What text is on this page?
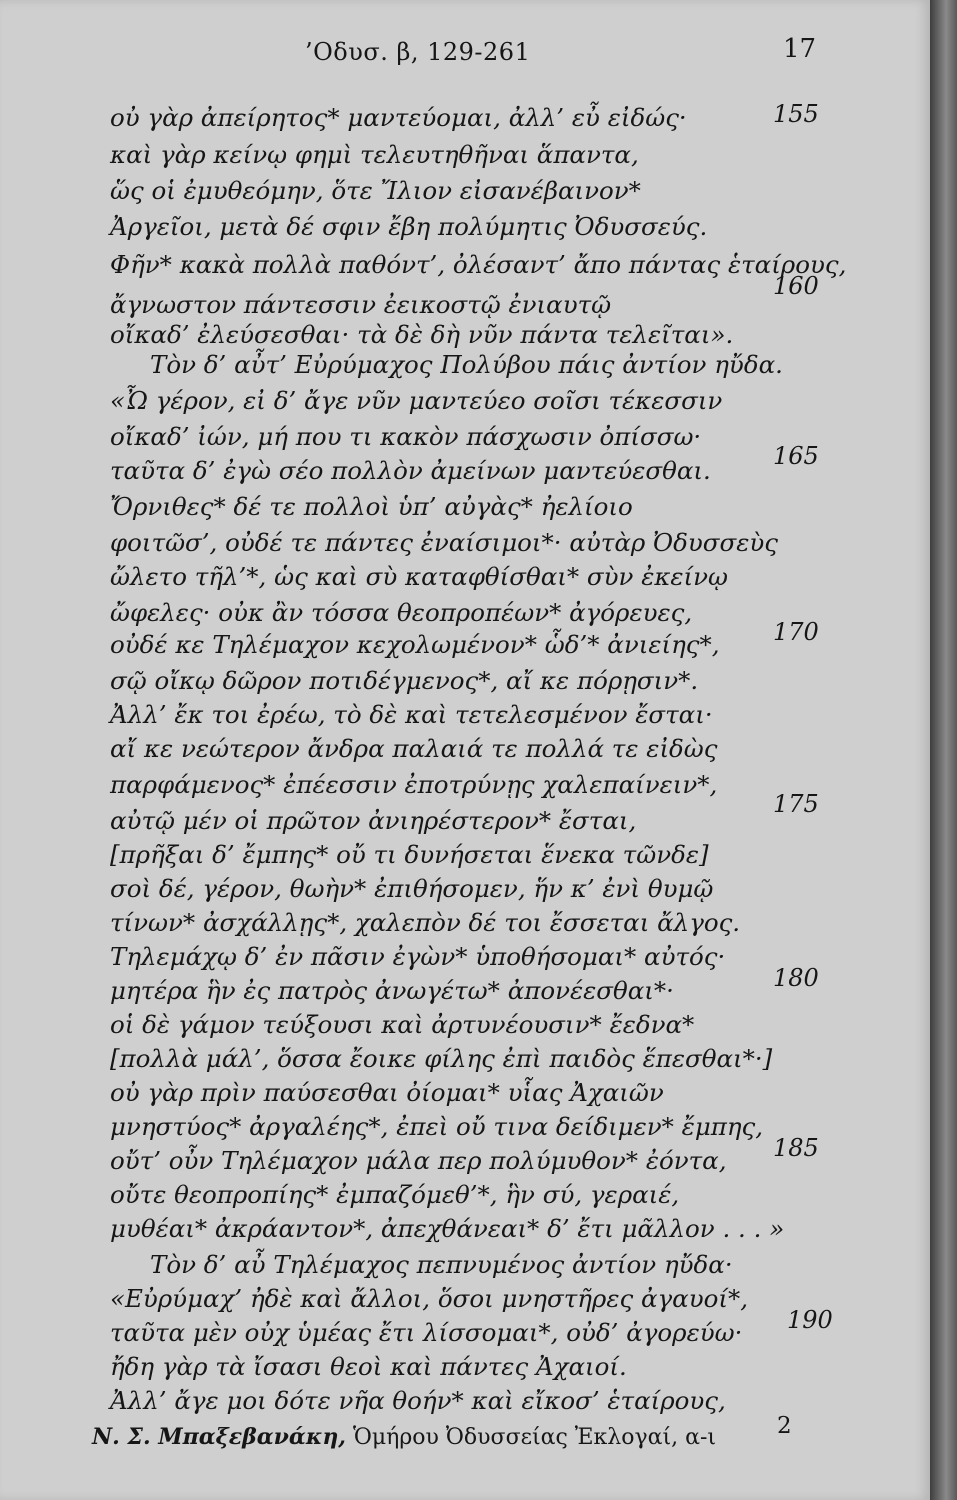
’Οδυσ. β, 129-261	17
οὐ γὰρ ἀπείρητος* μαντεύομαι, ἀλλ’ εὖ εἰδώς·
καὶ γὰρ κείνῳ φημὶ τελευτηθῆναι ἅπαντα,
ὥς οἱ ἐμυθεόμην, ὅτε Ἴλιον εἰσανέβαινον*
Ἀργεῖοι, μετὰ δέ σφιν ἔβη πολύμητις Ὀδυσσεύς.
Φῆν* κακὰ πολλὰ παθόντ’, ὀλέσαντ’ ἄπο πάντας ἑταίρους,
ἄγνωστον πάντεσσιν ἐεικοστῷ ἐνιαυτῷ
οἴκαδ’ ἐλεύσεσθαι· τὰ δὲ δὴ νῦν πάντα τελεῖται».
Τὸν δ’ αὖτ’ Εὐρύμαχος Πολύβου πάις ἀντίον ηὔδα.
«Ὦ γέρον, εἰ δ’ ἄγε νῦν μαντεύεο σοῖσι τέκεσσιν
οἴκαδ’ ἰών, μή που τι κακὸν πάσχωσιν ὀπίσσω·
ταῦτα δ’ ἐγὼ σέο πολλὸν ἀμείνων μαντεύεσθαι.
Ὄρνιθες* δέ τε πολλοὶ ὑπ’ αὐγὰς* ἠελίοιο
φοιτῶσ’, οὐδέ τε πάντες ἐναίσιμοι*· αὐτὰρ Ὀδυσσεὺς
ὤλετο τῆλ’*, ὡς καὶ σὺ καταφθίσθαι* σὺν ἐκείνῳ
ὤφελες· οὐκ ἂν τόσσα θεοπροπέων* ἀγόρευες,
οὐδέ κε Τηλέμαχον κεχολωμένον* ὧδ’* ἀνιείης*,
σῷ οἴκῳ δῶρον ποτιδέγμενος*, αἴ κε πόρῃσιν*.
Ἀλλ’ ἔκ τοι ἐρέω, τὸ δὲ καὶ τετελεσμένον ἔσται·
αἴ κε νεώτερον ἄνδρα παλαιά τε πολλά τε εἰδὼς
παρφάμενος* ἐπέεσσιν ἐποτρύνῃς χαλεπαίνειν*,
αὐτῷ μέν οἱ πρῶτον ἀνιηρέστερον* ἔσται,
[πρῆξαι δ’ ἔμπης* οὔ τι δυνήσεται ἕνεκα τῶνδε]
σοὶ δέ, γέρον, θωὴν* ἐπιθήσομεν, ἥν κ’ ἐνὶ θυμῷ
τίνων* ἀσχάλλῃς*, χαλεπὸν δέ τοι ἔσσεται ἄλγος.
Τηλεμάχῳ δ’ ἐν πᾶσιν ἐγὼν* ὑποθήσομαι* αὐτός·
μητέρα ἣν ἐς πατρὸς ἀνωγέτω* ἀπονέεσθαι*·
οἱ δὲ γάμον τεύξουσι καὶ ἀρτυνέουσιν* ἔεδνα*
[πολλὰ μάλ’, ὅσσα ἔοικε φίλης ἐπὶ παιδὸς ἕπεσθαι*·]
οὐ γὰρ πρὶν παύσεσθαι ὀίομαι* υἷας Ἀχαιῶν
μνηστύος* ἀργαλέης*, ἐπεὶ οὔ τινα δείδιμεν* ἔμπης,
οὔτ’ οὖν Τηλέμαχον μάλα περ πολύμυθον* ἐόντα,
οὔτε θεοπροπίης* ἐμπαζόμεθ’*, ἣν σύ, γεραιέ,
μυθέαι* ἀκράαντον*, ἀπεχθάνεαι* δ’ ἔτι μᾶλλον . . . »
Τὸν δ’ αὖ Τηλέμαχος πεπνυμένος ἀντίον ηὔδα·
«Εὐρύμαχ’ ἠδὲ καὶ ἄλλοι, ὅσοι μνηστῆρες ἀγαυοί*,
ταῦτα μὲν οὐχ ὑμέας ἔτι λίσσομαι*, οὐδ’ ἀγορεύω·
ἤδη γὰρ τὰ ἴσασι θεοὶ καὶ πάντες Ἀχαιοί.
Ἀλλ’ ἄγε μοι δότε νῆα θοήν* καὶ εἴκοσ’ ἑταίρους,
155
160
165
170
175
180
185
190
Ν. Σ. Μπαξεβανάκη, Ὁμήρου Ὀδυσσείας Ἐκλογαί, α-ι	2
